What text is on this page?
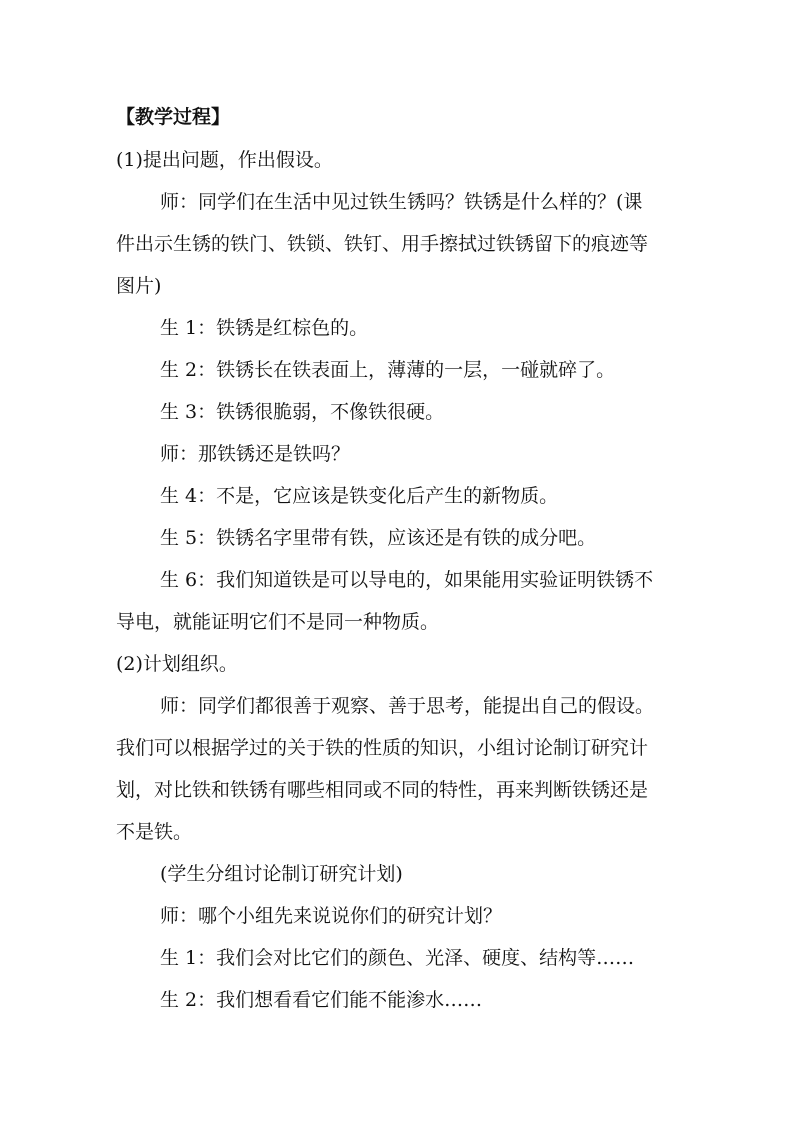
【教学过程】
(1)提出问题，作出假设。
师：同学们在生活中见过铁生锈吗？铁锈是什么样的？(课
件出示生锈的铁门、铁锁、铁钉、用手擦拭过铁锈留下的痕迹等
图片)
生 1：铁锈是红棕色的。
生 2：铁锈长在铁表面上，薄薄的一层，一碰就碎了。
生 3：铁锈很脆弱，不像铁很硬。
师：那铁锈还是铁吗？
生 4：不是，它应该是铁变化后产生的新物质。
生 5：铁锈名字里带有铁，应该还是有铁的成分吧。
生 6：我们知道铁是可以导电的，如果能用实验证明铁锈不
导电，就能证明它们不是同一种物质。
(2)计划组织。
师：同学们都很善于观察、善于思考，能提出自己的假设。
我们可以根据学过的关于铁的性质的知识，小组讨论制订研究计
划，对比铁和铁锈有哪些相同或不同的特性，再来判断铁锈还是
不是铁。
(学生分组讨论制订研究计划)
师：哪个小组先来说说你们的研究计划？
生 1：我们会对比它们的颜色、光泽、硬度、结构等……
生 2：我们想看看它们能不能渗水……
